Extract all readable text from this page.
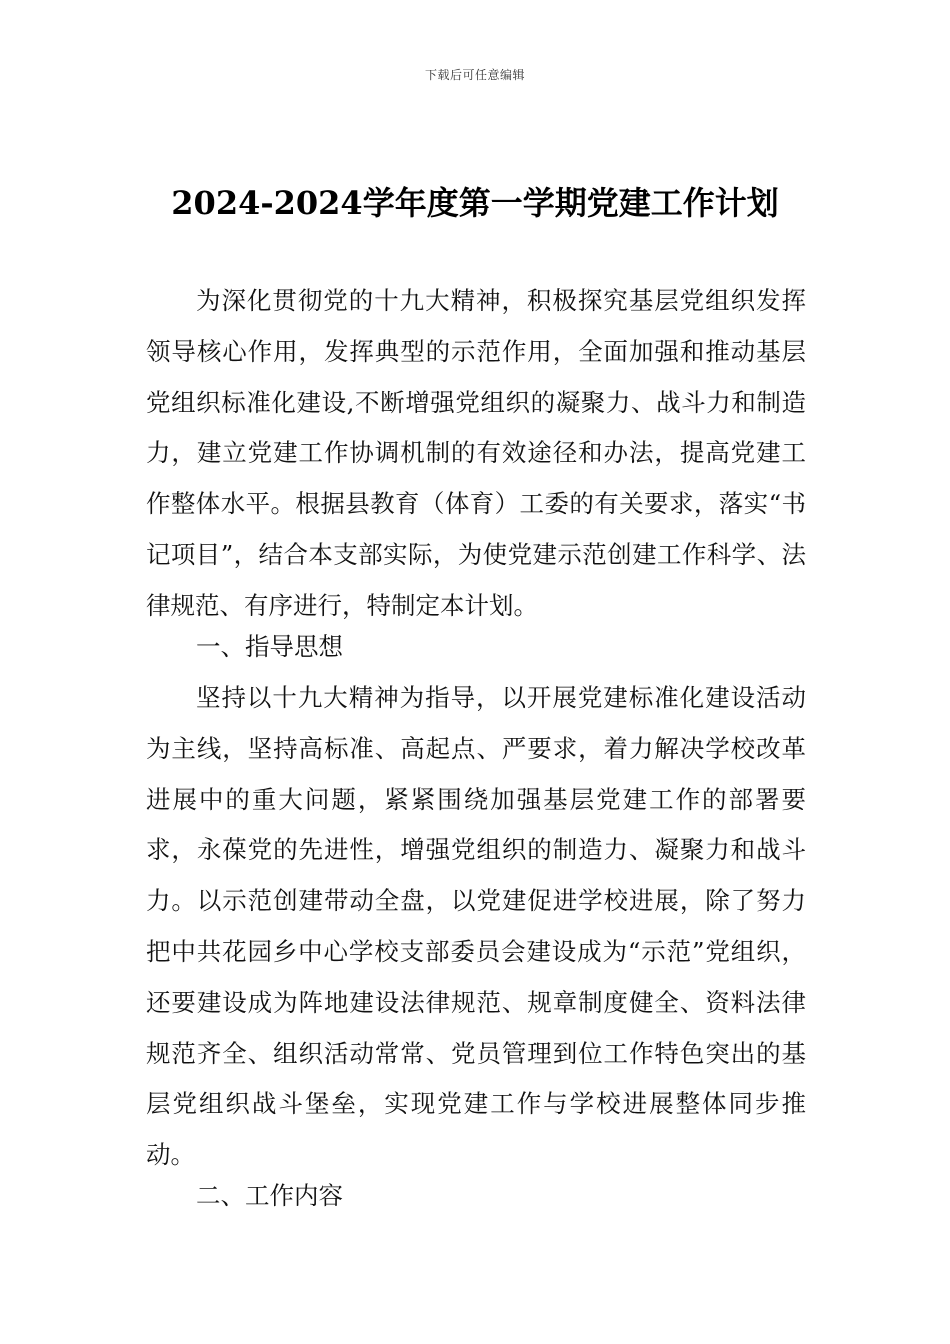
下载后可任意编辑
2024-2024学年度第一学期党建工作计划

为深化贯彻党的十九大精神，积极探究基层党组织发挥领导核心作用，发挥典型的示范作用，全面加强和推动基层党组织标准化建设,不断增强党组织的凝聚力、战斗力和制造力，建立党建工作协调机制的有效途径和办法，提高党建工作整体水平。根据县教育（体育）工委的有关要求，落实“书记项目”，结合本支部实际，为使党建示范创建工作科学、法律规范、有序进行，特制定本计划。

一、指导思想

坚持以十九大精神为指导，以开展党建标准化建设活动为主线，坚持高标准、高起点、严要求，着力解决学校改革进展中的重大问题，紧紧围绕加强基层党建工作的部署要求，永葆党的先进性，增强党组织的制造力、凝聚力和战斗力。以示范创建带动全盘，以党建促进学校进展，除了努力把中共花园乡中心学校支部委员会建设成为“示范”党组织，还要建设成为阵地建设法律规范、规章制度健全、资料法律规范齐全、组织活动常常、党员管理到位工作特色突出的基层党组织战斗堡垒，实现党建工作与学校进展整体同步推动。

二、工作内容
